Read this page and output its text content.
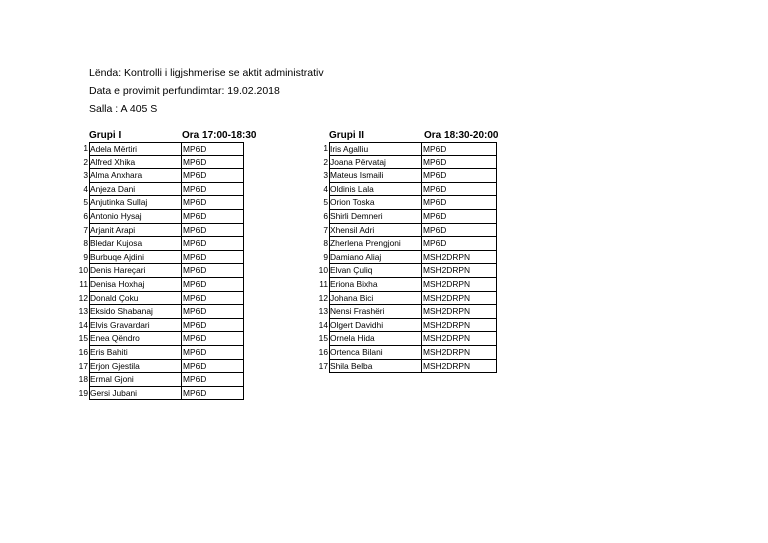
Lënda: Kontrolli i ligjshmerise se aktit administrativ
Data e provimit perfundimtar: 19.02.2018
Salla : A 405 S
Grupi I	Ora 17:00-18:30
1 Adela Mërtiri	MP6D
2 Alfred Xhika	MP6D
3 Alma Anxhara	MP6D
4 Anjeza Dani	MP6D
5 Anjutinka Sullaj	MP6D
6 Antonio Hysaj	MP6D
7 Arjanit Arapi	MP6D
8 Bledar Kujosa	MP6D
9 Burbuqe Ajdini	MP6D
10 Denis Hareçari	MP6D
11 Denisa Hoxhaj	MP6D
12 Donald Çoku	MP6D
13 Eksido Shabanaj	MP6D
14 Elvis Gravardari	MP6D
15 Enea Qëndro	MP6D
16 Eris Bahiti	MP6D
17 Erjon Gjestila	MP6D
18 Ermal Gjoni	MP6D
19 Gersi Jubani	MP6D
Grupi II	Ora 18:30-20:00
1 Iris Agalliu	MP6D
2 Joana Përvataj	MP6D
3 Mateus Ismaili	MP6D
4 Oldinis Lala	MP6D
5 Orion Toska	MP6D
6 Shirli Demneri	MP6D
7 Xhensil Adri	MP6D
8 Zherlena Prengjoni	MP6D
9 Damiano Aliaj	MSH2DRPN
10 Elvan Çuliq	MSH2DRPN
11 Eriona Bixha	MSH2DRPN
12 Johana Bici	MSH2DRPN
13 Nensi Frashëri	MSH2DRPN
14 Olgert Davidhi	MSH2DRPN
15 Ornela Hida	MSH2DRPN
16 Ortenca Bilani	MSH2DRPN
17 Shila Belba	MSH2DRPN
